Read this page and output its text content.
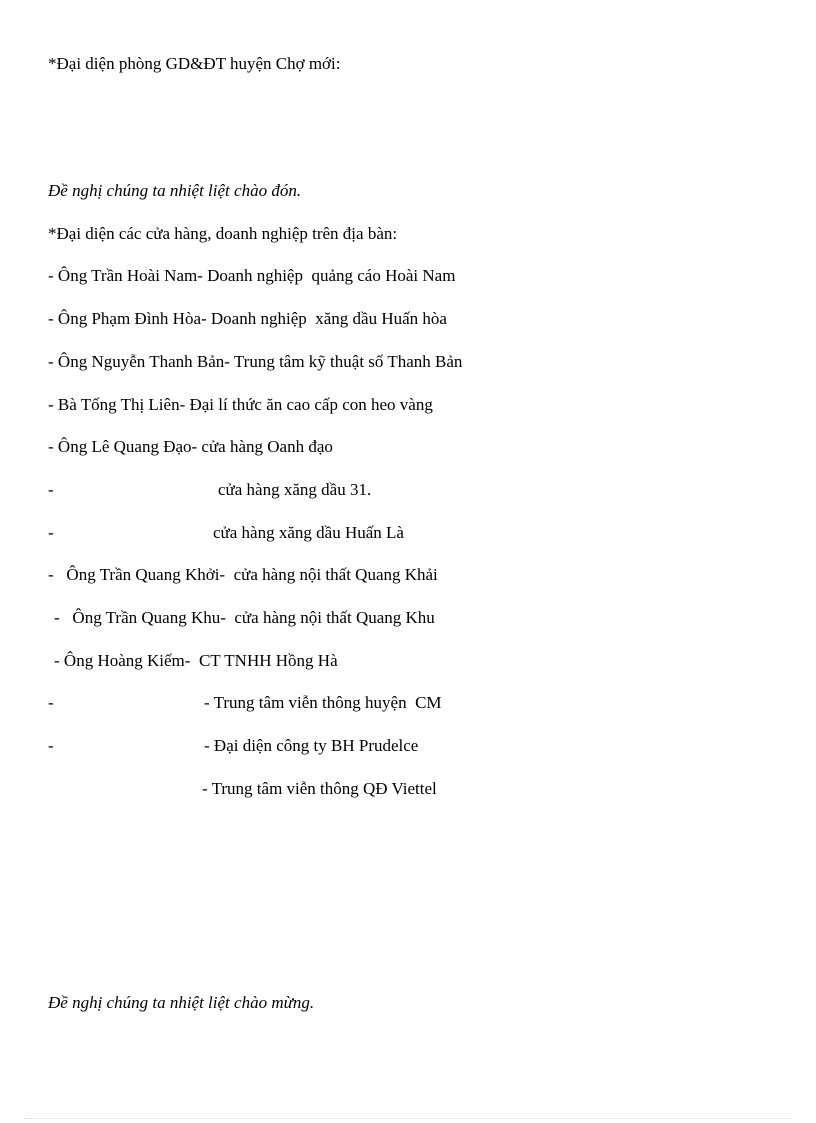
*Đại diện phòng GD&ĐT huyện Chợ mới:
Đề nghị chúng ta nhiệt liệt chào đón.
*Đại diện các cửa hàng, doanh nghiệp trên địa bàn:
- Ông Trần Hoài Nam- Doanh nghiệp  quảng cáo Hoài Nam
- Ông Phạm Đình Hòa- Doanh nghiệp  xăng dầu Huấn hòa
- Ông Nguyễn Thanh Bản- Trung tâm kỹ thuật số Thanh Bản
- Bà Tống Thị Liên- Đại lí thức ăn cao cấp con heo vàng
- Ông Lê Quang Đạo- cửa hàng Oanh đạo
-	cửa hàng xăng dầu 31.
-	cửa hàng xăng dầu Huấn Là
-   Ông Trần Quang Khởi-  cửa hàng nội thất Quang Khải
-   Ông Trần Quang Khu-  cửa hàng nội thất Quang Khu
- Ông Hoàng Kiếm-  CT TNHH Hồng Hà
-	- Trung tâm viễn thông huyện  CM
-	- Đại diện công ty BH Prudelce
- Trung tâm viễn thông QĐ Viettel
Đề nghị chúng ta nhiệt liệt chào mừng.
